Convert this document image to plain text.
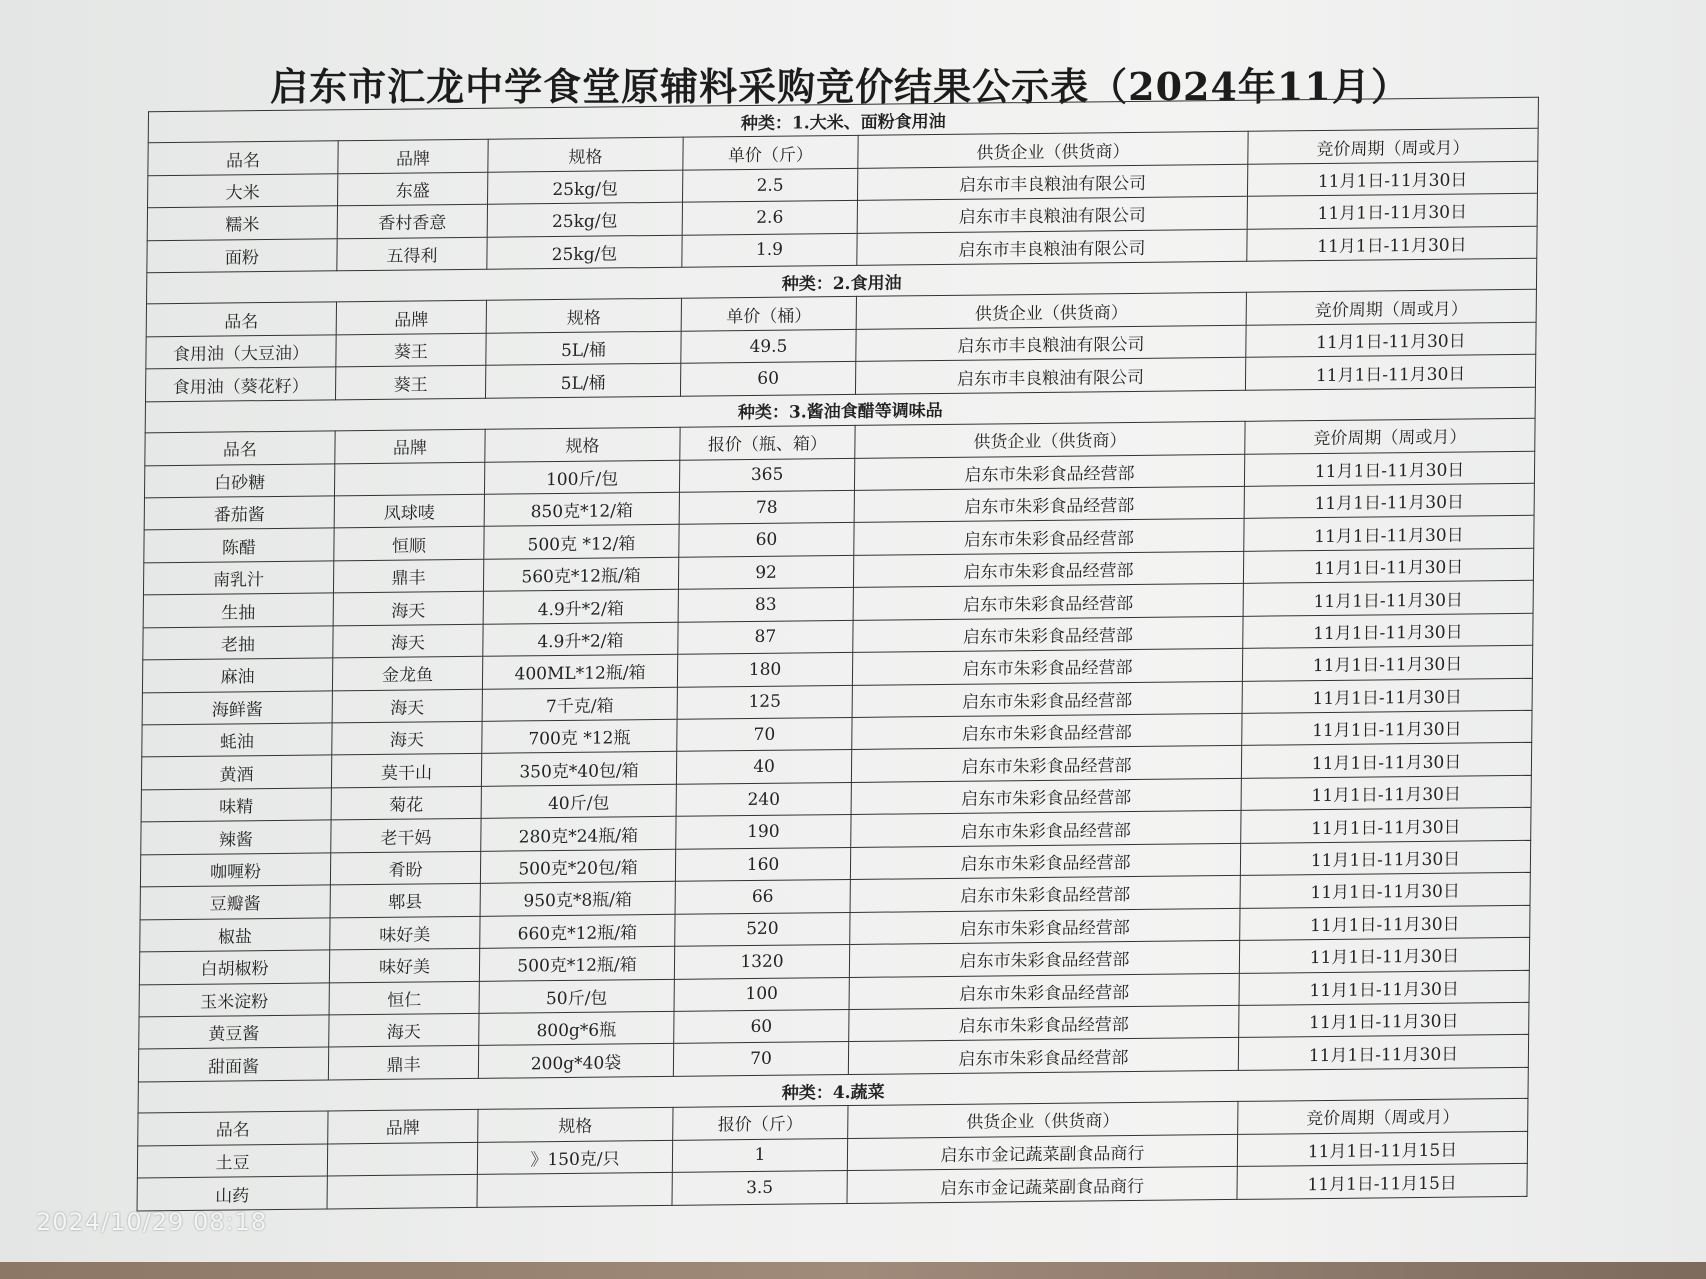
启东市汇龙中学食堂原辅料采购竞价结果公示表（2024年11月）
种类：1.大米、面粉食用油					
品名	品牌	规格	单价（斤）	供货企业（供货商）	竞价周期（周或月）
大米	东盛	25kg/包	2.5	启东市丰良粮油有限公司	11月1日-11月30日
糯米	香村香意	25kg/包	2.6	启东市丰良粮油有限公司	11月1日-11月30日
面粉	五得利	25kg/包	1.9	启东市丰良粮油有限公司	11月1日-11月30日
种类：2.食用油					
品名	品牌	规格	单价（桶）	供货企业（供货商）	竞价周期（周或月）
食用油（大豆油）	葵王	5L/桶	49.5	启东市丰良粮油有限公司	11月1日-11月30日
食用油（葵花籽）	葵王	5L/桶	60	启东市丰良粮油有限公司	11月1日-11月30日
种类：3.酱油食醋等调味品					
品名	品牌	规格	报价（瓶、箱）	供货企业（供货商）	竞价周期（周或月）
白砂糖		100斤/包	365	启东市朱彩食品经营部	11月1日-11月30日
番茄酱	凤球唛	850克*12/箱	78	启东市朱彩食品经营部	11月1日-11月30日
陈醋	恒顺	500克 *12/箱	60	启东市朱彩食品经营部	11月1日-11月30日
南乳汁	鼎丰	560克*12瓶/箱	92	启东市朱彩食品经营部	11月1日-11月30日
生抽	海天	4.9升*2/箱	83	启东市朱彩食品经营部	11月1日-11月30日
老抽	海天	4.9升*2/箱	87	启东市朱彩食品经营部	11月1日-11月30日
麻油	金龙鱼	400ML*12瓶/箱	180	启东市朱彩食品经营部	11月1日-11月30日
海鲜酱	海天	7千克/箱	125	启东市朱彩食品经营部	11月1日-11月30日
蚝油	海天	700克 *12瓶	70	启东市朱彩食品经营部	11月1日-11月30日
黄酒	莫干山	350克*40包/箱	40	启东市朱彩食品经营部	11月1日-11月30日
味精	菊花	40斤/包	240	启东市朱彩食品经营部	11月1日-11月30日
辣酱	老干妈	280克*24瓶/箱	190	启东市朱彩食品经营部	11月1日-11月30日
咖喱粉	肴盼	500克*20包/箱	160	启东市朱彩食品经营部	11月1日-11月30日
豆瓣酱	郫县	950克*8瓶/箱	66	启东市朱彩食品经营部	11月1日-11月30日
椒盐	味好美	660克*12瓶/箱	520	启东市朱彩食品经营部	11月1日-11月30日
白胡椒粉	味好美	500克*12瓶/箱	1320	启东市朱彩食品经营部	11月1日-11月30日
玉米淀粉	恒仁	50斤/包	100	启东市朱彩食品经营部	11月1日-11月30日
黄豆酱	海天	800g*6瓶	60	启东市朱彩食品经营部	11月1日-11月30日
甜面酱	鼎丰	200g*40袋	70	启东市朱彩食品经营部	11月1日-11月30日
种类：4.蔬菜					
品名	品牌	规格	报价（斤）	供货企业（供货商）	竞价周期（周或月）
土豆		》150克/只	1	启东市金记蔬菜副食品商行	11月1日-11月15日
山药			3.5	启东市金记蔬菜副食品商行	11月1日-11月15日
2024/10/29 08:18
